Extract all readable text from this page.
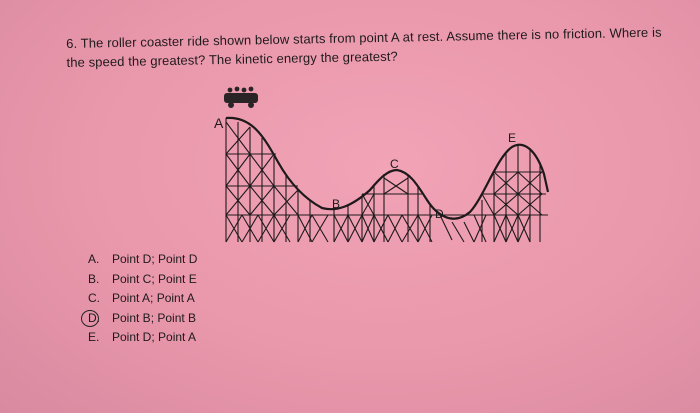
6. The roller coaster ride shown below starts from point A at rest. Assume there is no friction. Where is
the speed the greatest? The kinetic energy the greatest?
A
B
C
D
E
A. Point D; Point D
B. Point C; Point E
C. Point A; Point A
D. Point B; Point B
E. Point D; Point A
